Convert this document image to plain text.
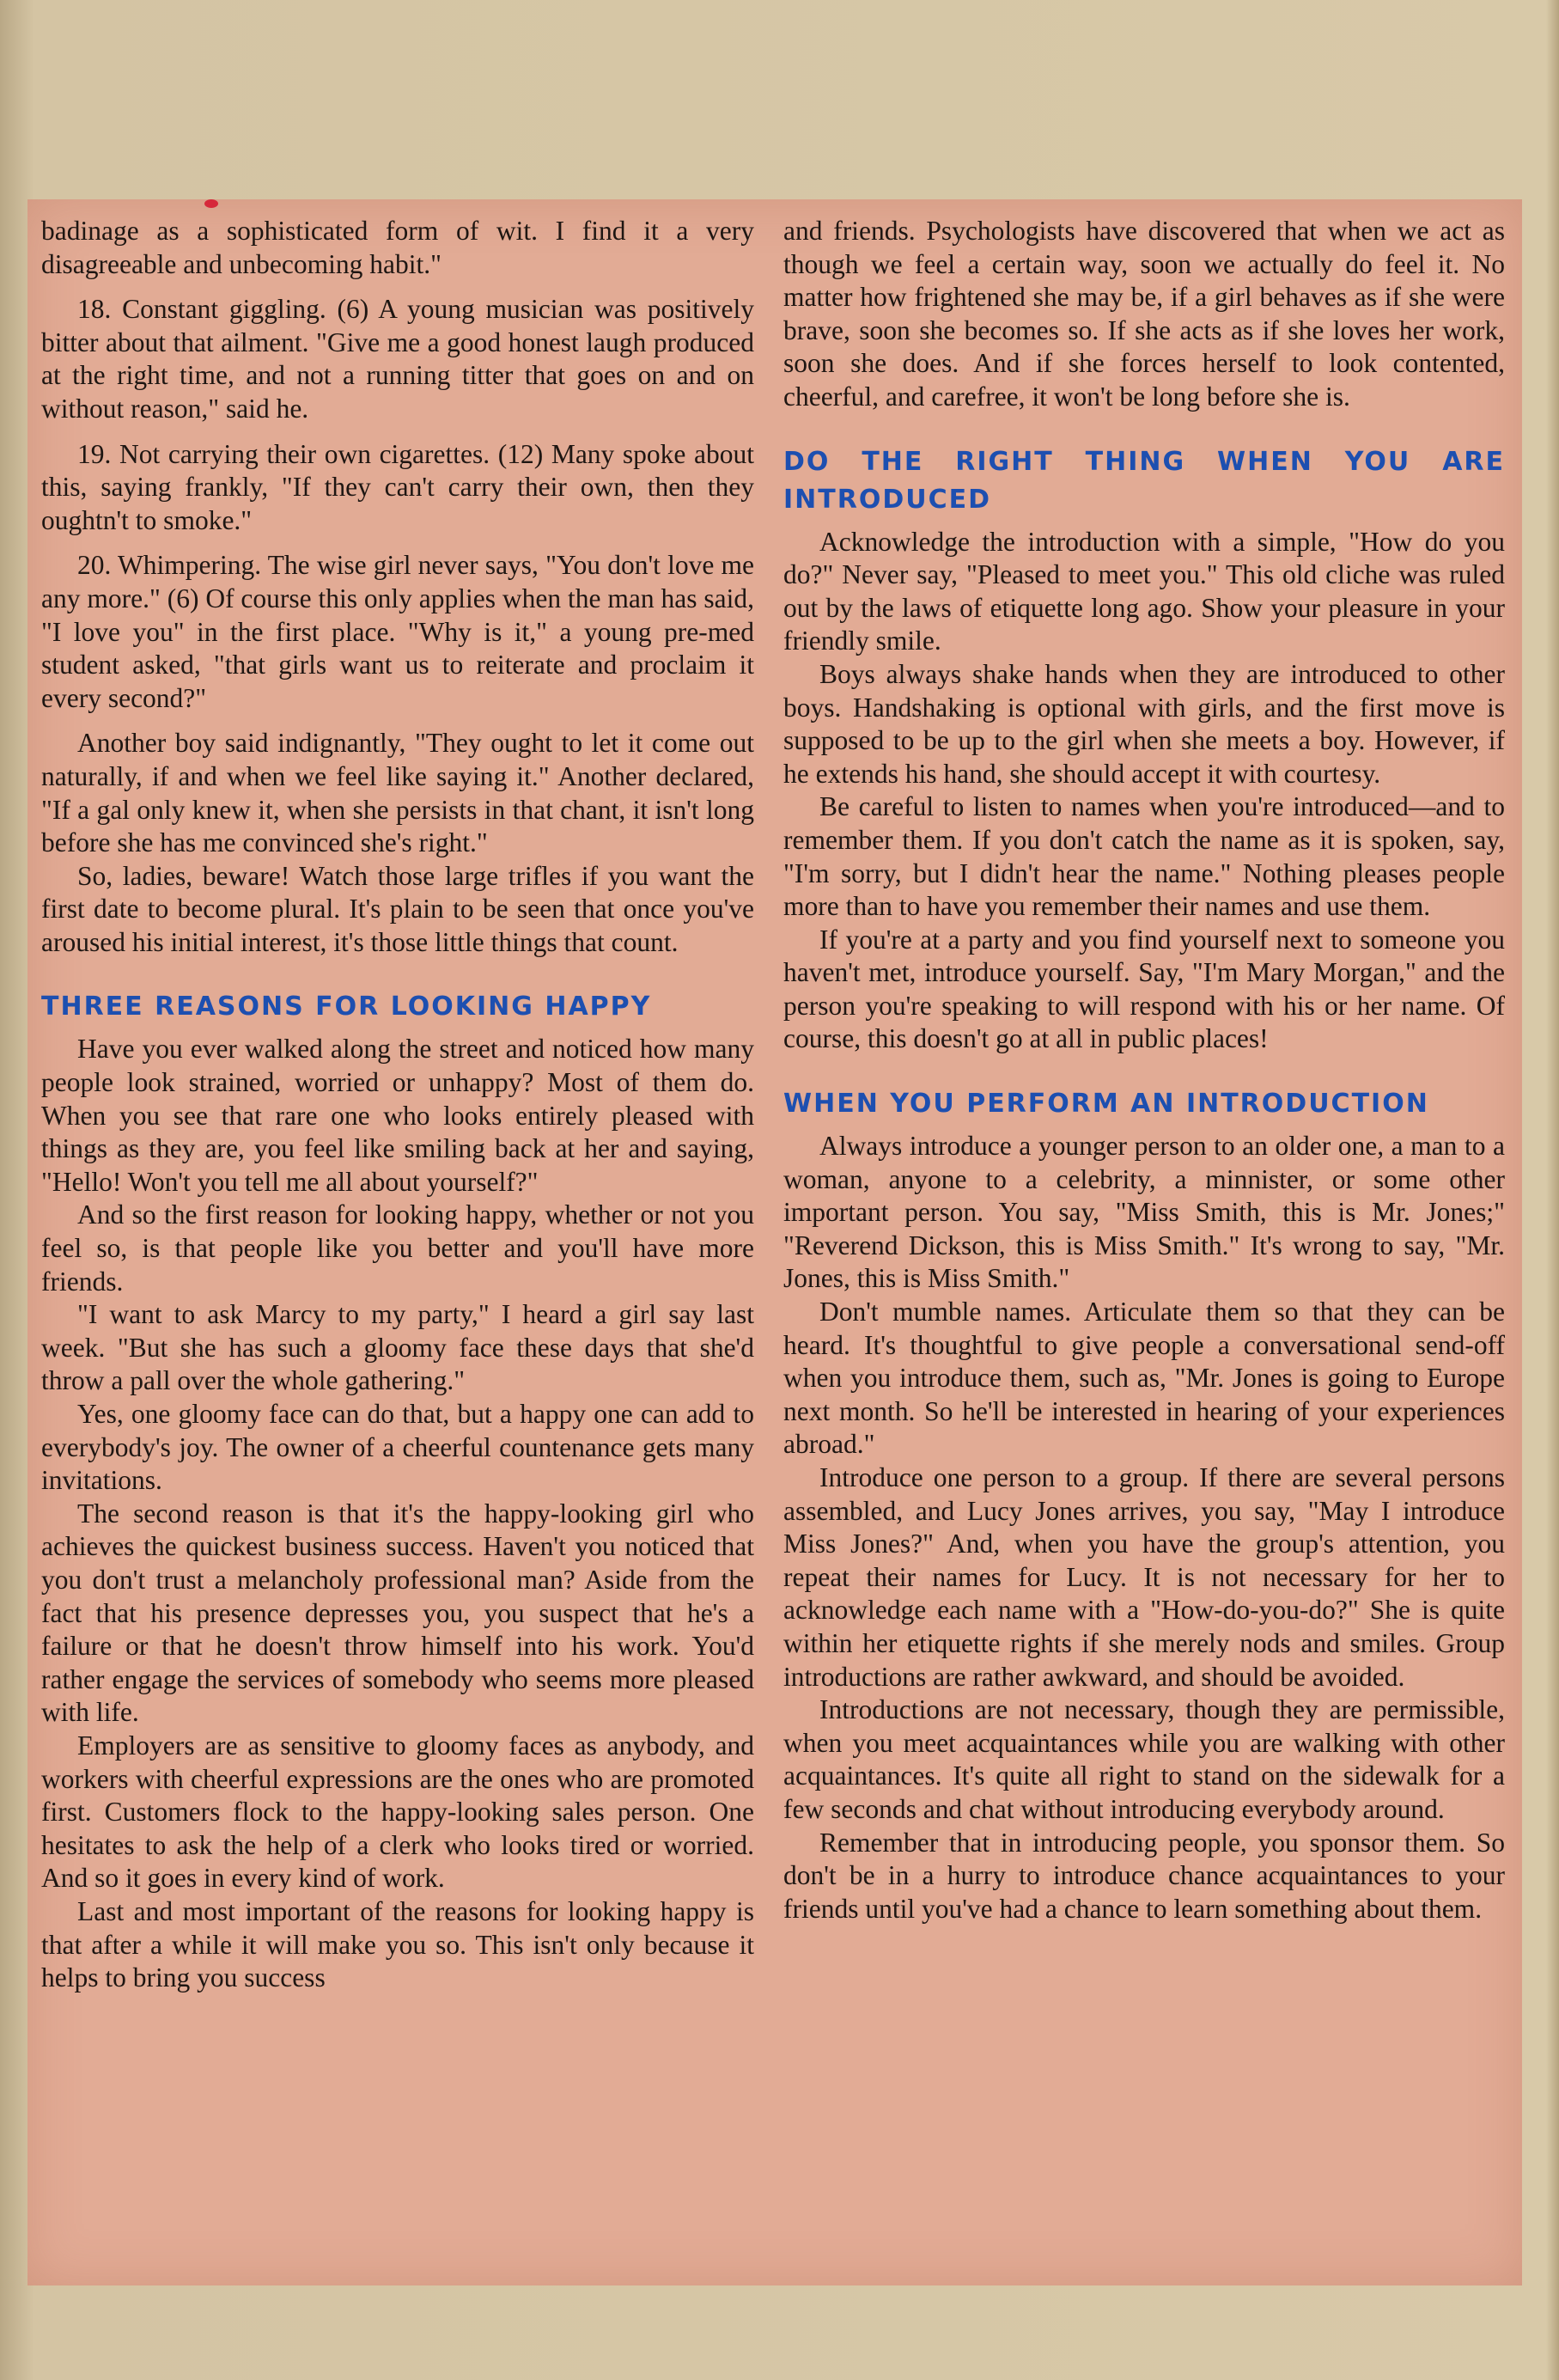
badinage as a sophisticated form of wit. I find it a very disagreeable and unbecoming habit."

18. Constant giggling. (6) A young musician was positively bitter about that ailment. "Give me a good honest laugh produced at the right time, and not a running titter that goes on and on without reason," said he.

19. Not carrying their own cigarettes. (12) Many spoke about this, saying frankly, "If they can't carry their own, then they oughtn't to smoke."

20. Whimpering. The wise girl never says, "You don't love me any more." (6) Of course this only applies when the man has said, "I love you" in the first place. "Why is it," a young pre-med student asked, "that girls want us to reiterate and proclaim it every second?"

Another boy said indignantly, "They ought to let it come out naturally, if and when we feel like saying it." Another declared, "If a gal only knew it, when she persists in that chant, it isn't long before she has me convinced she's right."

So, ladies, beware! Watch those large trifles if you want the first date to become plural. It's plain to be seen that once you've aroused his initial interest, it's those little things that count.

THREE REASONS FOR LOOKING HAPPY

Have you ever walked along the street and noticed how many people look strained, worried or unhappy? Most of them do. When you see that rare one who looks entirely pleased with things as they are, you feel like smiling back at her and saying, "Hello! Won't you tell me all about yourself?"

And so the first reason for looking happy, whether or not you feel so, is that people like you better and you'll have more friends.

"I want to ask Marcy to my party," I heard a girl say last week. "But she has such a gloomy face these days that she'd throw a pall over the whole gathering."

Yes, one gloomy face can do that, but a happy one can add to everybody's joy. The owner of a cheerful countenance gets many invitations.

The second reason is that it's the happy-looking girl who achieves the quickest business success. Haven't you noticed that you don't trust a melancholy professional man? Aside from the fact that his presence depresses you, you suspect that he's a failure or that he doesn't throw himself into his work. You'd rather engage the services of somebody who seems more pleased with life.

Employers are as sensitive to gloomy faces as anybody, and workers with cheerful expressions are the ones who are promoted first. Customers flock to the happy-looking sales person. One hesitates to ask the help of a clerk who looks tired or worried. And so it goes in every kind of work.

Last and most important of the reasons for looking happy is that after a while it will make you so. This isn't only because it helps to bring you success

and friends. Psychologists have discovered that when we act as though we feel a certain way, soon we actually do feel it. No matter how frightened she may be, if a girl behaves as if she were brave, soon she becomes so. If she acts as if she loves her work, soon she does. And if she forces herself to look contented, cheerful, and carefree, it won't be long before she is.

DO THE RIGHT THING WHEN YOU ARE INTRODUCED

Acknowledge the introduction with a simple, "How do you do?" Never say, "Pleased to meet you." This old cliche was ruled out by the laws of etiquette long ago. Show your pleasure in your friendly smile.

Boys always shake hands when they are introduced to other boys. Handshaking is optional with girls, and the first move is supposed to be up to the girl when she meets a boy. However, if he extends his hand, she should accept it with courtesy.

Be careful to listen to names when you're introduced—and to remember them. If you don't catch the name as it is spoken, say, "I'm sorry, but I didn't hear the name." Nothing pleases people more than to have you remember their names and use them.

If you're at a party and you find yourself next to someone you haven't met, introduce yourself. Say, "I'm Mary Morgan," and the person you're speaking to will respond with his or her name. Of course, this doesn't go at all in public places!

WHEN YOU PERFORM AN INTRODUCTION

Always introduce a younger person to an older one, a man to a woman, anyone to a celebrity, a minnister, or some other important person. You say, "Miss Smith, this is Mr. Jones;" "Reverend Dickson, this is Miss Smith." It's wrong to say, "Mr. Jones, this is Miss Smith."

Don't mumble names. Articulate them so that they can be heard. It's thoughtful to give people a conversational send-off when you introduce them, such as, "Mr. Jones is going to Europe next month. So he'll be interested in hearing of your experiences abroad."

Introduce one person to a group. If there are several persons assembled, and Lucy Jones arrives, you say, "May I introduce Miss Jones?" And, when you have the group's attention, you repeat their names for Lucy. It is not necessary for her to acknowledge each name with a "How-do-you-do?" She is quite within her etiquette rights if she merely nods and smiles. Group introductions are rather awkward, and should be avoided.

Introductions are not necessary, though they are permissible, when you meet acquaintances while you are walking with other acquaintances. It's quite all right to stand on the sidewalk for a few seconds and chat without introducing everybody around.

Remember that in introducing people, you sponsor them. So don't be in a hurry to introduce chance acquaintances to your friends until you've had a chance to learn something about them.
